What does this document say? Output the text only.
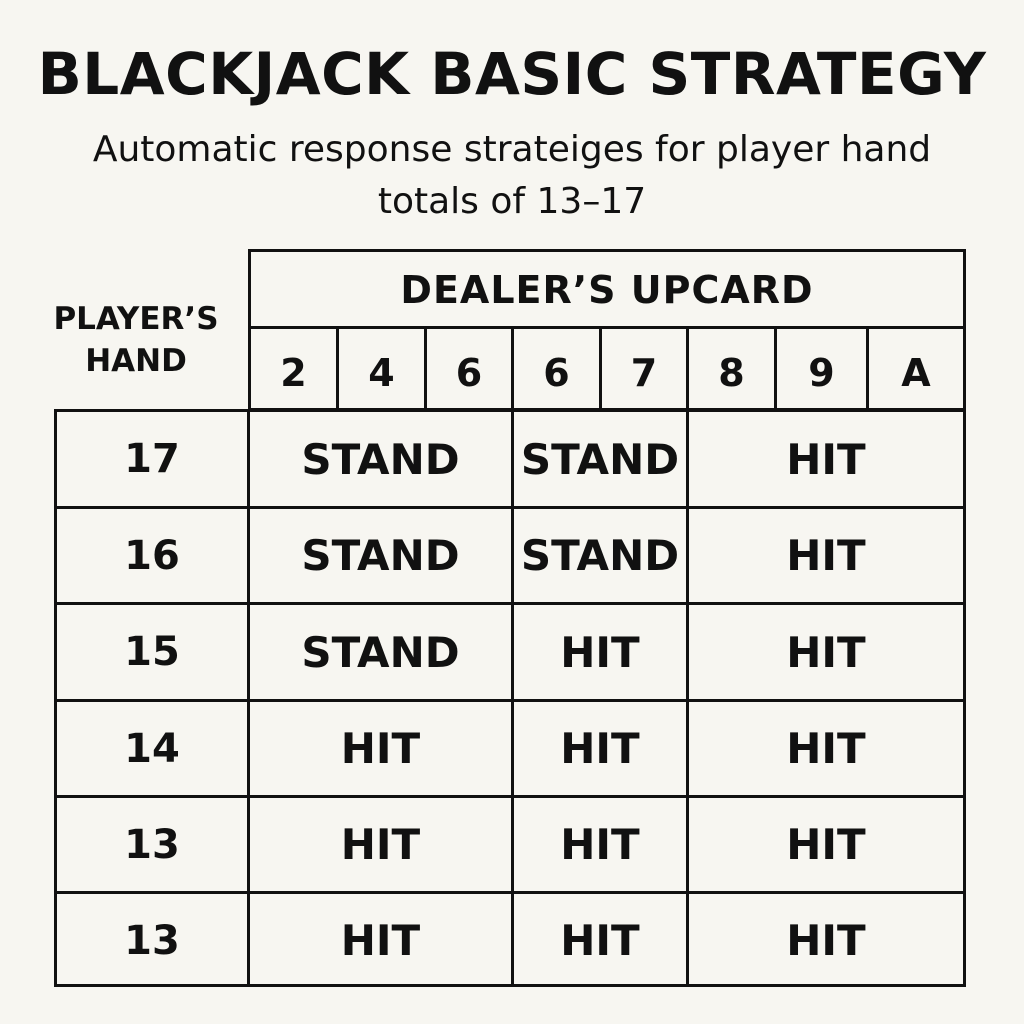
BLACKJACK BASIC STRATEGY
Automatic response strateiges for player hand totals of 13–17
PLAYER’S HAND
DEALER’S UPCARD
2	4	6	6	7	8	9	A
17	STAND	STAND	HIT
16	STAND	STAND	HIT
15	STAND	HIT	HIT
14	HIT	HIT	HIT
13	HIT	HIT	HIT
13	HIT	HIT	HIT
